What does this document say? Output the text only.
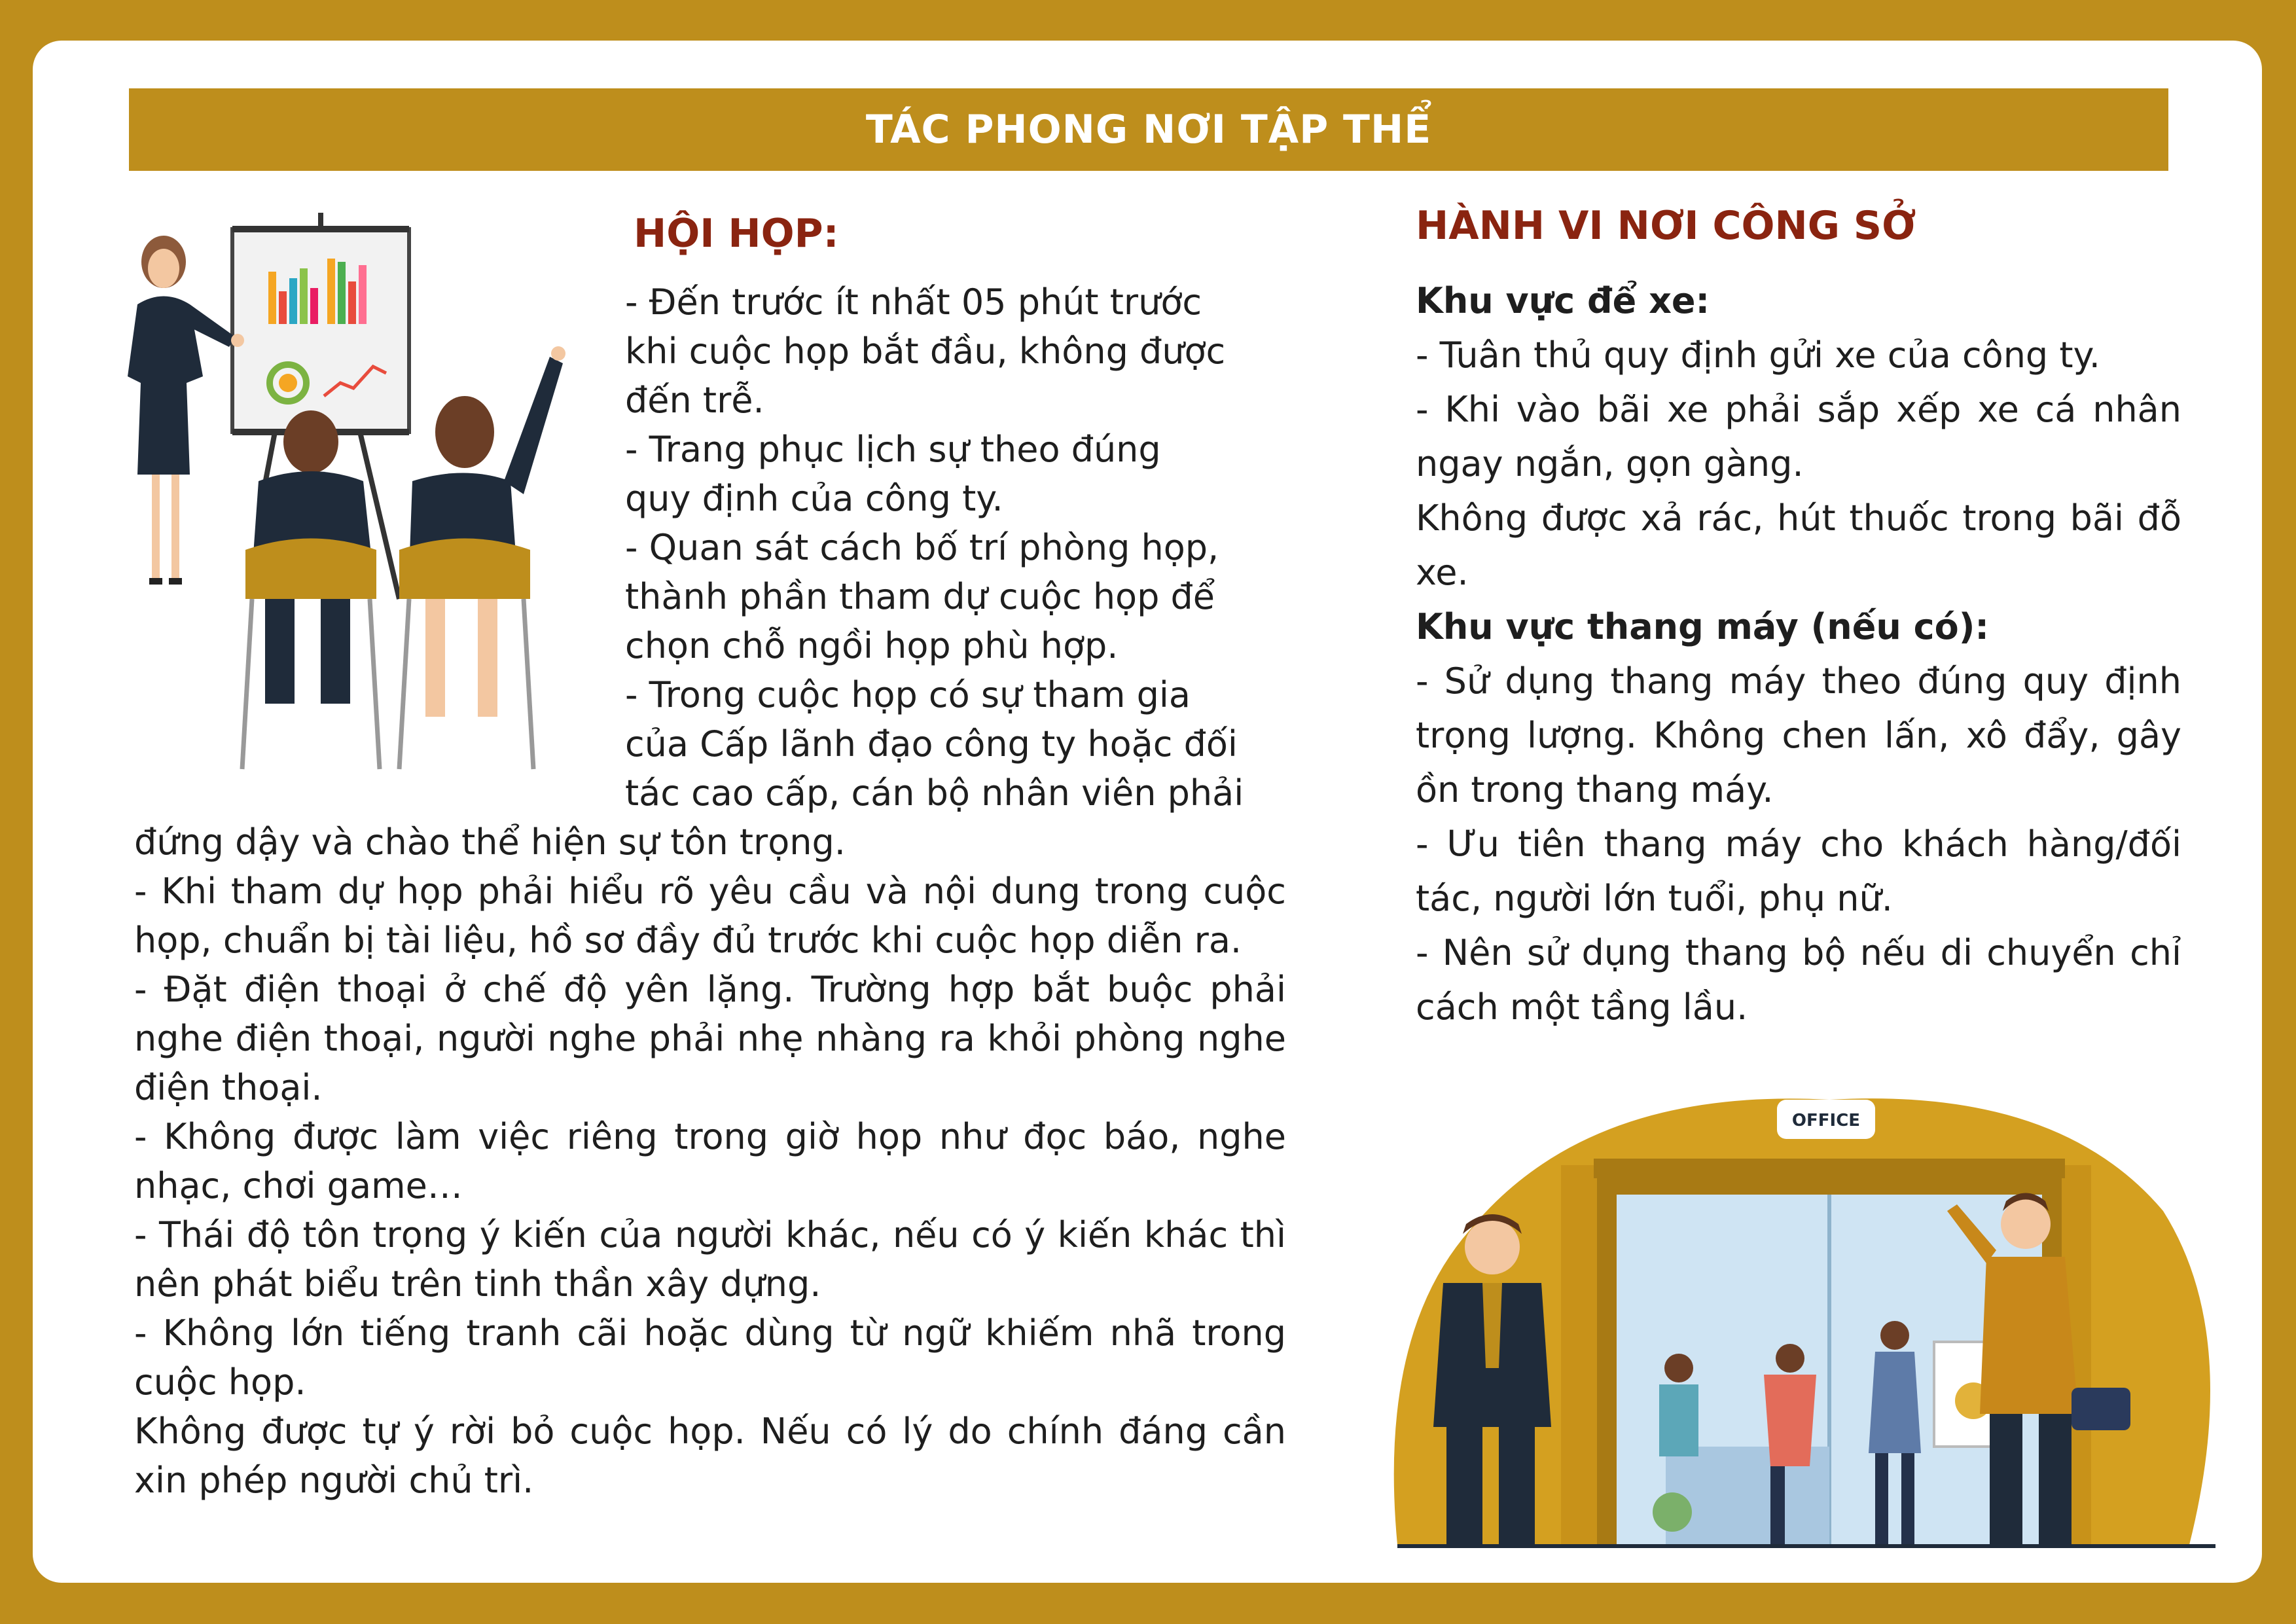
TÁC PHONG NƠI TẬP THỂ
HỘI HỌP:

- Đến trước ít nhất 05 phút trước

khi cuộc họp bắt đầu, không được

đến trễ.

- Trang phục lịch sự theo đúng

quy định của công ty.

- Quan sát cách bố trí phòng họp,

thành phần tham dự cuộc họp để

chọn chỗ ngồi họp phù hợp.

- Trong cuộc họp có sự tham gia

của Cấp lãnh đạo công ty hoặc đối

tác cao cấp, cán bộ nhân viên phải

đứng dậy và chào thể hiện sự tôn trọng.

- Khi tham dự họp phải hiểu rõ yêu cầu và nội dung trong cuộc họp, chuẩn bị tài liệu, hồ sơ đầy đủ trước khi cuộc họp diễn ra.

- Đặt điện thoại ở chế độ yên lặng. Trường hợp bắt buộc phải nghe điện thoại, người nghe phải nhẹ nhàng ra khỏi phòng nghe điện thoại.

- Không được làm việc riêng trong giờ họp như đọc báo, nghe nhạc, chơi game…

- Thái độ tôn trọng ý kiến của người khác, nếu có ý kiến khác thì nên phát biểu trên tinh thần xây dựng.

- Không lớn tiếng tranh cãi hoặc dùng từ ngữ khiếm nhã trong cuộc họp.

Không được tự ý rời bỏ cuộc họp. Nếu có lý do chính đáng cần xin phép người chủ trì.

HÀNH VI NƠI CÔNG SỞ

Khu vực để xe:

- Tuân thủ quy định gửi xe của công ty.

- Khi vào bãi xe phải sắp xếp xe cá nhân ngay ngắn, gọn gàng.

Không được xả rác, hút thuốc trong bãi đỗ xe.

Khu vực thang máy (nếu có):

- Sử dụng thang máy theo đúng quy định trọng lượng. Không chen lấn, xô đẩy, gây ồn trong thang máy.

- Ưu tiên thang máy cho khách hàng/đối tác, người lớn tuổi, phụ nữ.

- Nên sử dụng thang bộ nếu di chuyển chỉ cách một tầng lầu.

OFFICE
